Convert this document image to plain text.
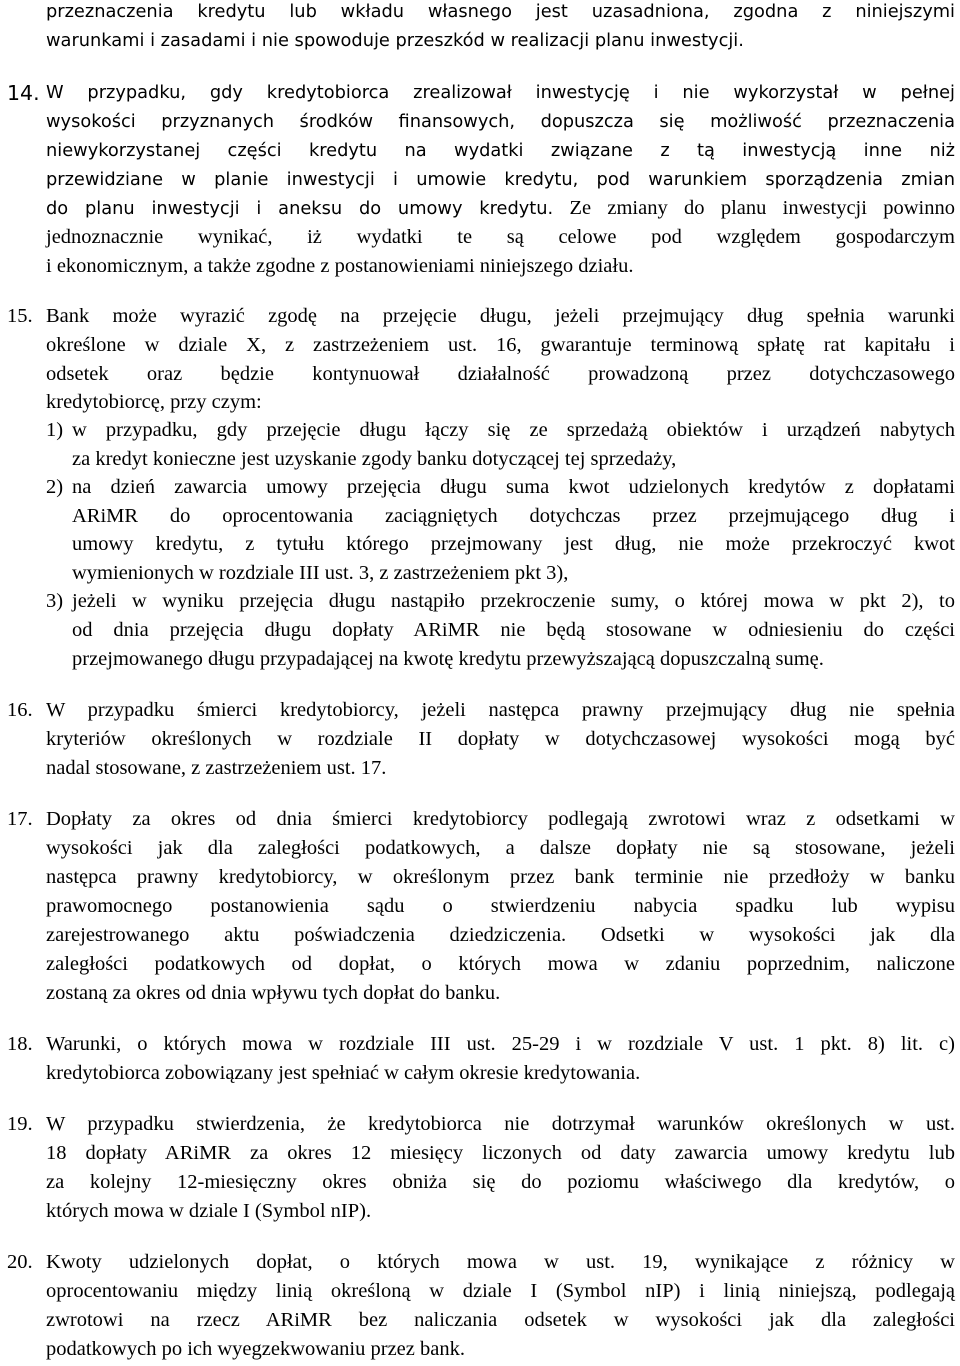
przeznaczenia kredytu lub wkładu własnego jest uzasadniona, zgodna z niniejszymi
warunkami i zasadami i nie spowoduje przeszkód w realizacji planu inwestycji.
14. W przypadku, gdy kredytobiorca zrealizował inwestycję i nie wykorzystał w pełnej
wysokości przyznanych środków finansowych, dopuszcza się możliwość przeznaczenia
niewykorzystanej części kredytu na wydatki związane z tą inwestycją inne niż
przewidziane w planie inwestycji i umowie kredytu, pod warunkiem sporządzenia zmian
do planu inwestycji i aneksu do umowy kredytu. Ze zmiany do planu inwestycji powinno
jednoznacznie wynikać, iż wydatki te są celowe pod względem gospodarczym
i ekonomicznym, a także zgodne z postanowieniami niniejszego działu.
15. Bank może wyrazić zgodę na przejęcie długu, jeżeli przejmujący dług spełnia warunki
określone w dziale X, z zastrzeżeniem ust. 16, gwarantuje terminową spłatę rat kapitału i
odsetek oraz będzie kontynuował działalność prowadzoną przez dotychczasowego
kredytobiorcę, przy czym:
1) w przypadku, gdy przejęcie długu łączy się ze sprzedażą obiektów i urządzeń nabytych
za kredyt konieczne jest uzyskanie zgody banku dotyczącej tej sprzedaży,
2) na dzień zawarcia umowy przejęcia długu suma kwot udzielonych kredytów z dopłatami
ARiMR do oprocentowania zaciągniętych dotychczas przez przejmującego dług i
umowy kredytu, z tytułu którego przejmowany jest dług, nie może przekroczyć kwot
wymienionych w rozdziale III ust. 3, z zastrzeżeniem pkt 3),
3) jeżeli w wyniku przejęcia długu nastąpiło przekroczenie sumy, o której mowa w pkt 2), to
od dnia przejęcia długu dopłaty ARiMR nie będą stosowane w odniesieniu do części
przejmowanego długu przypadającej na kwotę kredytu przewyższającą dopuszczalną sumę.
16. W przypadku śmierci kredytobiorcy, jeżeli następca prawny przejmujący dług nie spełnia
kryteriów określonych w rozdziale II dopłaty w dotychczasowej wysokości mogą być
nadal stosowane, z zastrzeżeniem ust. 17.
17. Dopłaty za okres od dnia śmierci kredytobiorcy podlegają zwrotowi wraz z odsetkami w
wysokości jak dla zaległości podatkowych, a dalsze dopłaty nie są stosowane, jeżeli
następca prawny kredytobiorcy, w określonym przez bank terminie nie przedłoży w banku
prawomocnego postanowienia sądu o stwierdzeniu nabycia spadku lub wypisu
zarejestrowanego aktu poświadczenia dziedziczenia. Odsetki w wysokości jak dla
zaległości podatkowych od dopłat, o których mowa w zdaniu poprzednim, naliczone
zostaną za okres od dnia wpływu tych dopłat do banku.
18. Warunki, o których mowa w rozdziale III ust. 25-29 i w rozdziale V ust. 1 pkt. 8) lit. c)
kredytobiorca zobowiązany jest spełniać w całym okresie kredytowania.
19. W przypadku stwierdzenia, że kredytobiorca nie dotrzymał warunków określonych w ust.
18 dopłaty ARiMR za okres 12 miesięcy liczonych od daty zawarcia umowy kredytu lub
za kolejny 12-miesięczny okres obniża się do poziomu właściwego dla kredytów, o
których mowa w dziale I (Symbol nIP).
20. Kwoty udzielonych dopłat, o których mowa w ust. 19, wynikające z różnicy w
oprocentowaniu między linią określoną w dziale I (Symbol nIP) i linią niniejszą, podlegają
zwrotowi na rzecz ARiMR bez naliczania odsetek w wysokości jak dla zaległości
podatkowych po ich wyegzekwowaniu przez bank.
